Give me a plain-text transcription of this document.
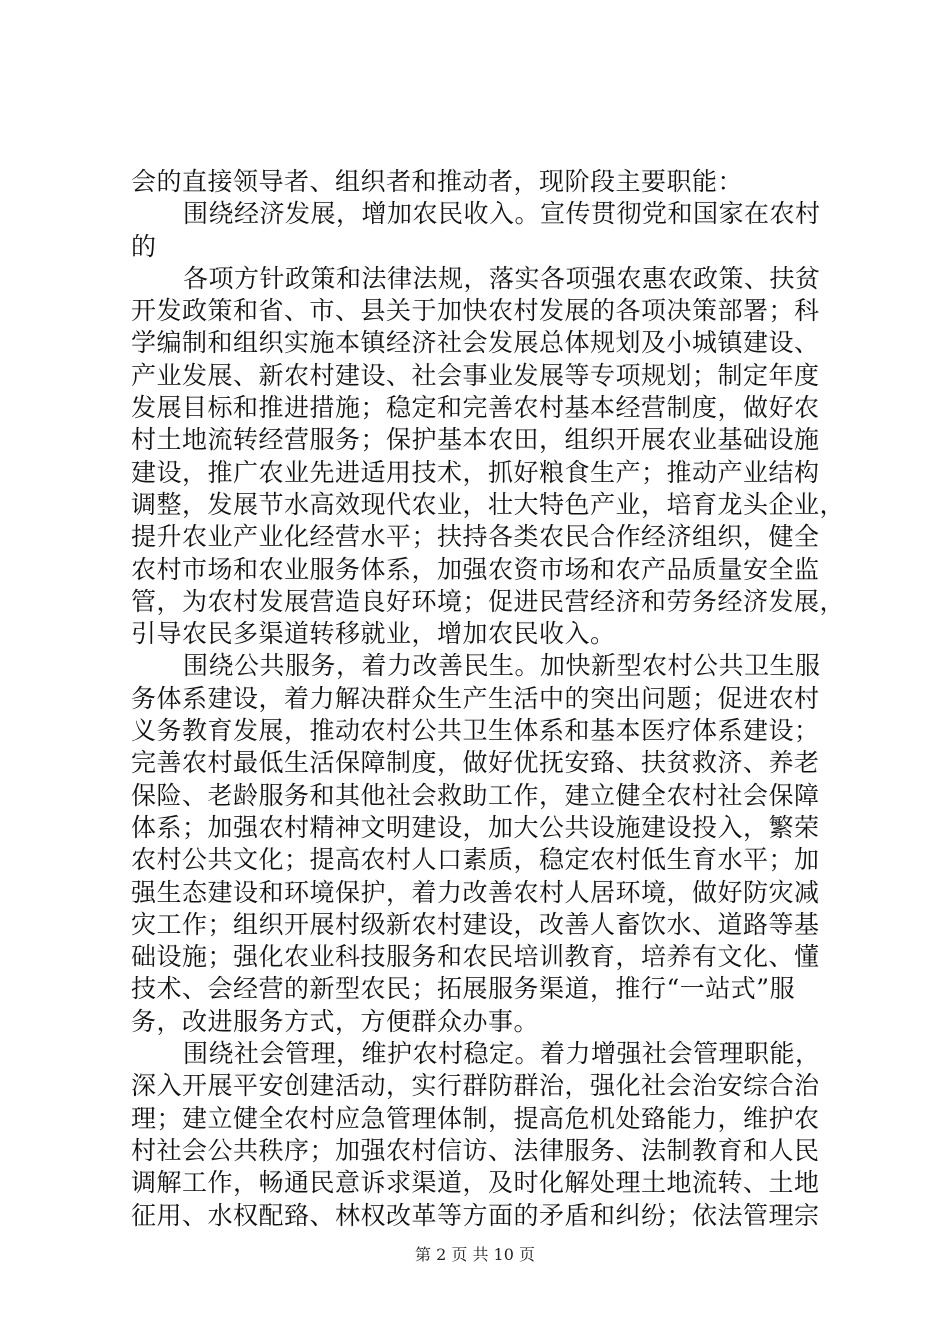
会的直接领导者、组织者和推动者，现阶段主要职能：
围绕经济发展，增加农民收入。宣传贯彻党和国家在农村
的
各项方针政策和法律法规，落实各项强农惠农政策、扶贫
开发政策和省、市、县关于加快农村发展的各项决策部署；科
学编制和组织实施本镇经济社会发展总体规划及小城镇建设、
产业发展、新农村建设、社会事业发展等专项规划；制定年度
发展目标和推进措施；稳定和完善农村基本经营制度，做好农
村土地流转经营服务；保护基本农田，组织开展农业基础设施
建设，推广农业先进适用技术，抓好粮食生产；推动产业结构
调整，发展节水高效现代农业，壮大特色产业，培育龙头企业，
提升农业产业化经营水平；扶持各类农民合作经济组织，健全
农村市场和农业服务体系，加强农资市场和农产品质量安全监
管，为农村发展营造良好环境；促进民营经济和劳务经济发展，
引导农民多渠道转移就业，增加农民收入。
围绕公共服务，着力改善民生。加快新型农村公共卫生服
务体系建设，着力解决群众生产生活中的突出问题；促进农村
义务教育发展，推动农村公共卫生体系和基本医疗体系建设；
完善农村最低生活保障制度，做好优抚安臵、扶贫救济、养老
保险、老龄服务和其他社会救助工作，建立健全农村社会保障
体系；加强农村精神文明建设，加大公共设施建设投入，繁荣
农村公共文化；提高农村人口素质，稳定农村低生育水平；加
强生态建设和环境保护，着力改善农村人居环境，做好防灾减
灾工作；组织开展村级新农村建设，改善人畜饮水、道路等基
础设施；强化农业科技服务和农民培训教育，培养有文化、懂
技术、会经营的新型农民；拓展服务渠道，推行“一站式”服
务，改进服务方式，方便群众办事。
围绕社会管理，维护农村稳定。着力增强社会管理职能，
深入开展平安创建活动，实行群防群治，强化社会治安综合治
理；建立健全农村应急管理体制，提高危机处臵能力，维护农
村社会公共秩序；加强农村信访、法律服务、法制教育和人民
调解工作，畅通民意诉求渠道，及时化解处理土地流转、土地
征用、水权配臵、林权改革等方面的矛盾和纠纷；依法管理宗
第 2 页 共 10 页
